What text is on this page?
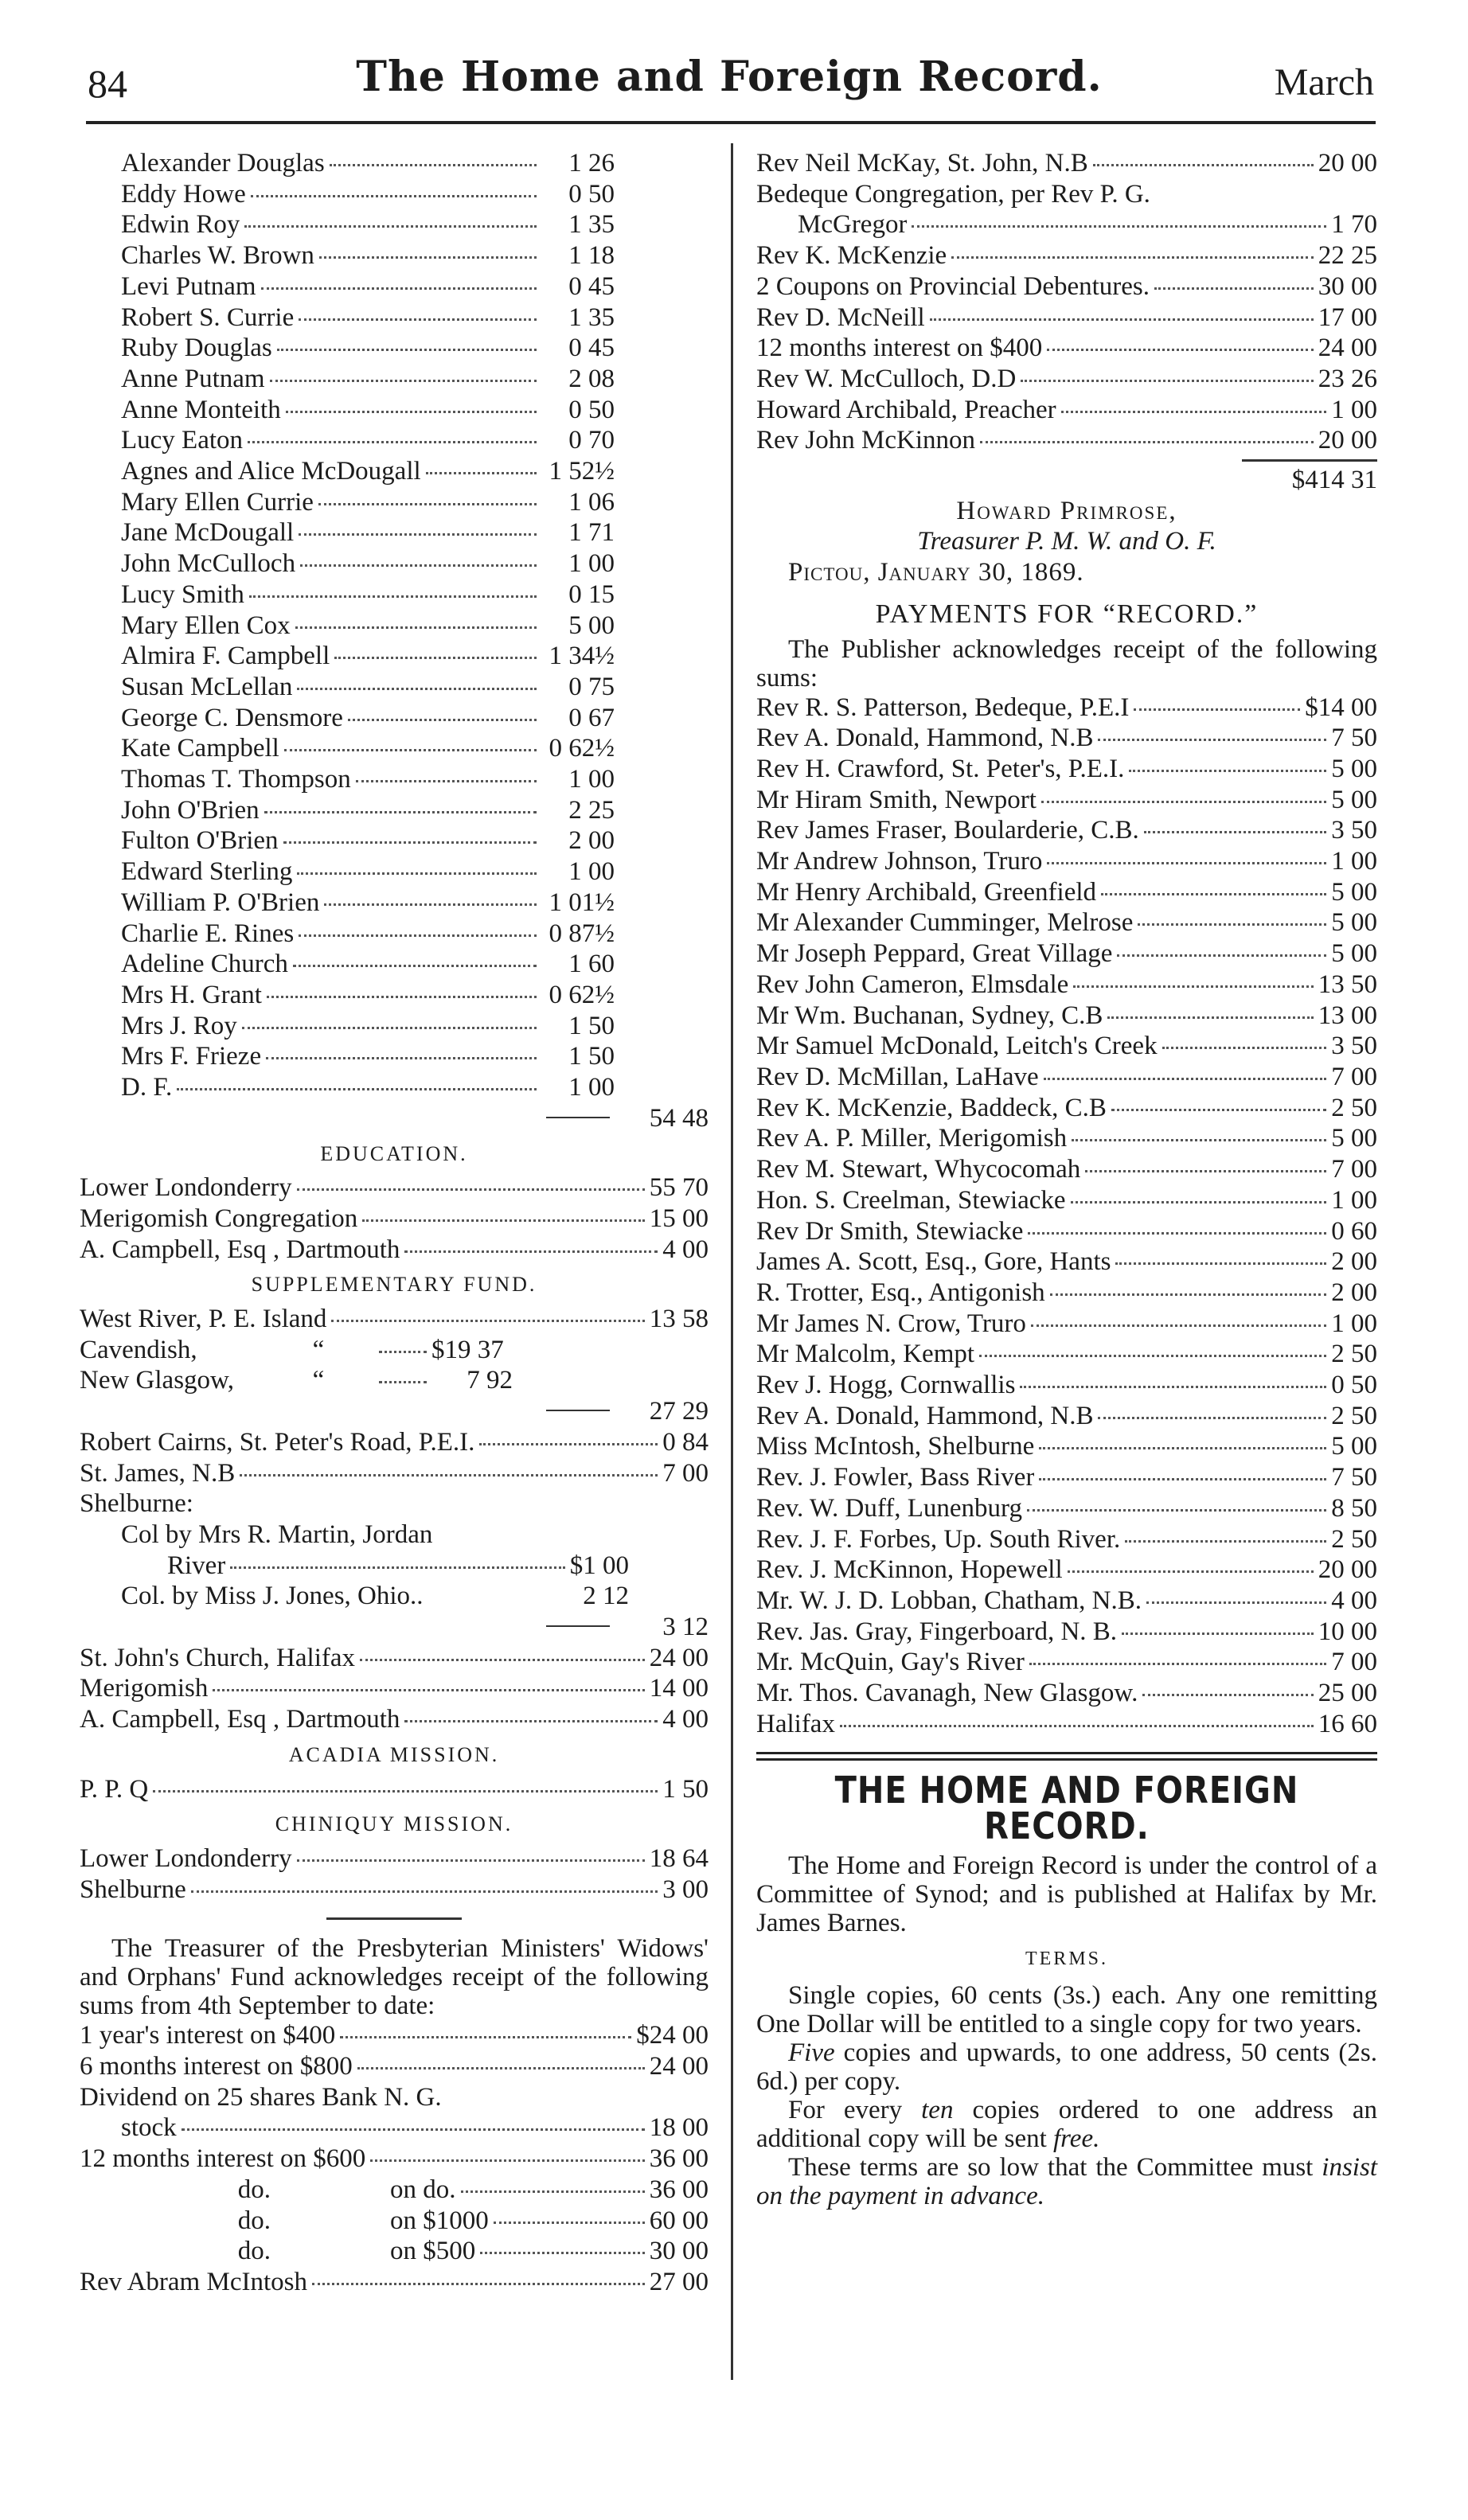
84	The Home and Foreign Record.	March
Alexander Douglas	1 26
Eddy Howe	0 50
Edwin Roy	1 35
Charles W. Brown	1 18
Levi Putnam	0 45
Robert S. Currie	1 35
Ruby Douglas	0 45
Anne Putnam	2 08
Anne Monteith	0 50
Lucy Eaton	0 70
Agnes and Alice McDougall	1 52½
Mary Ellen Currie	1 06
Jane McDougall	1 71
John McCulloch	1 00
Lucy Smith	0 15
Mary Ellen Cox	5 00
Almira F. Campbell	1 34½
Susan McLellan	0 75
George C. Densmore	0 67
Kate Campbell	0 62½
Thomas T. Thompson	1 00
John O'Brien	2 25
Fulton O'Brien	2 00
Edward Sterling	1 00
William P. O'Brien	1 01½
Charlie E. Rines	0 87½
Adeline Church	1 60
Mrs H. Grant	0 62½
Mrs J. Roy	1 50
Mrs F. Frieze	1 50
D. F.	1 00
54 48
EDUCATION.
Lower Londonderry	55 70
Merigomish Congregation	15 00
A. Campbell, Esq , Dartmouth	4 00
SUPPLEMENTARY FUND.
West River, P. E. Island	13 58
Cavendish,	“	$19 37
New Glasgow,	“	7 92
27 29
Robert Cairns, St. Peter's Road, P.E.I.	0 84
St. James, N.B	7 00
Shelburne:
Col by Mrs R. Martin, Jordan
River	$1 00
Col. by Miss J. Jones, Ohio..	2 12
3 12
St. John's Church, Halifax	24 00
Merigomish	14 00
A. Campbell, Esq , Dartmouth	4 00
ACADIA MISSION.
P. P. Q	1 50
CHINIQUY MISSION.
Lower Londonderry	18 64
Shelburne	3 00
The Treasurer of the Presbyterian Ministers' Widows' and Orphans' Fund acknowledges receipt of the following sums from 4th September to date:
1 year's interest on $400	$24 00
6 months interest on $800	24 00
Dividend on 25 shares Bank N. G.
stock	18 00
12 months interest on $600	36 00
do.	on do.	36 00
do.	on $1000	60 00
do.	on $500	30 00
Rev Abram McIntosh	27 00
Rev Neil McKay, St. John, N.B	20 00
Bedeque Congregation, per Rev P. G.
McGregor	1 70
Rev K. McKenzie	22 25
2 Coupons on Provincial Debentures.	30 00
Rev D. McNeill	17 00
12 months interest on $400	24 00
Rev W. McCulloch, D.D	23 26
Howard Archibald, Preacher	1 00
Rev John McKinnon	20 00
$414 31
Howard Primrose,
Treasurer P. M. W. and O. F.
Pictou, January 30, 1869.
PAYMENTS FOR “RECORD.”
The Publisher acknowledges receipt of the following sums:
Rev R. S. Patterson, Bedeque, P.E.I	$14 00
Rev A. Donald, Hammond, N.B	7 50
Rev H. Crawford, St. Peter's, P.E.I.	5 00
Mr Hiram Smith, Newport	5 00
Rev James Fraser, Boularderie, C.B.	3 50
Mr Andrew Johnson, Truro	1 00
Mr Henry Archibald, Greenfield	5 00
Mr Alexander Cumminger, Melrose	5 00
Mr Joseph Peppard, Great Village	5 00
Rev John Cameron, Elmsdale	13 50
Mr Wm. Buchanan, Sydney, C.B	13 00
Mr Samuel McDonald, Leitch's Creek	3 50
Rev D. McMillan, LaHave	7 00
Rev K. McKenzie, Baddeck, C.B	2 50
Rev A. P. Miller, Merigomish	5 00
Rev M. Stewart, Whycocomah	7 00
Hon. S. Creelman, Stewiacke	1 00
Rev Dr Smith, Stewiacke	0 60
James A. Scott, Esq., Gore, Hants	2 00
R. Trotter, Esq., Antigonish	2 00
Mr James N. Crow, Truro	1 00
Mr Malcolm, Kempt	2 50
Rev J. Hogg, Cornwallis	0 50
Rev A. Donald, Hammond, N.B	2 50
Miss McIntosh, Shelburne	5 00
Rev. J. Fowler, Bass River	7 50
Rev. W. Duff, Lunenburg	8 50
Rev. J. F. Forbes, Up. South River.	2 50
Rev. J. McKinnon, Hopewell	20 00
Mr. W. J. D. Lobban, Chatham, N.B.	4 00
Rev. Jas. Gray, Fingerboard, N. B.	10 00
Mr. McQuin, Gay's River	7 00
Mr. Thos. Cavanagh, New Glasgow.	25 00
Halifax	16 60
THE HOME AND FOREIGN RECORD.

The Home and Foreign Record is under the control of a Committee of Synod; and is published at Halifax by Mr. James Barnes.

TERMS.

Single copies, 60 cents (3s.) each. Any one remitting One Dollar will be entitled to a single copy for two years.

Five copies and upwards, to one address, 50 cents (2s. 6d.) per copy.

For every ten copies ordered to one address an additional copy will be sent free.

These terms are so low that the Committee must insist on the payment in advance.
